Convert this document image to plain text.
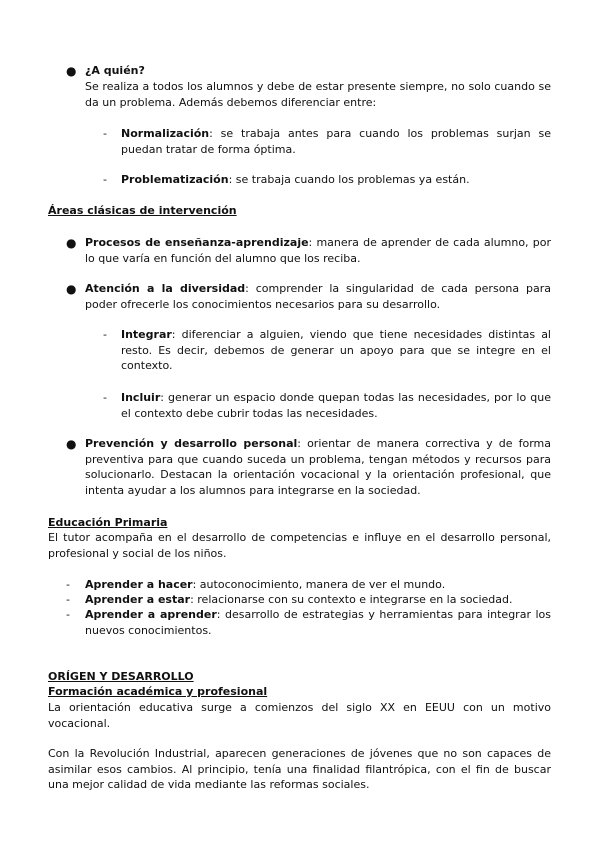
● ¿A quién?
Se realiza a todos los alumnos y debe de estar presente siempre, no solo cuando se da un problema. Además debemos diferenciar entre:
- Normalización: se trabaja antes para cuando los problemas surjan se puedan tratar de forma óptima.
- Problematización: se trabaja cuando los problemas ya están.
Áreas clásicas de intervención
● Procesos de enseñanza-aprendizaje: manera de aprender de cada alumno, por lo que varía en función del alumno que los reciba.
● Atención a la diversidad: comprender la singularidad de cada persona para poder ofrecerle los conocimientos necesarios para su desarrollo.
- Integrar: diferenciar a alguien, viendo que tiene necesidades distintas al resto. Es decir, debemos de generar un apoyo para que se integre en el contexto.
- Incluir: generar un espacio donde quepan todas las necesidades, por lo que el contexto debe cubrir todas las necesidades.
● Prevención y desarrollo personal: orientar de manera correctiva y de forma preventiva para que cuando suceda un problema, tengan métodos y recursos para solucionarlo. Destacan la orientación vocacional y la orientación profesional, que intenta ayudar a los alumnos para integrarse en la sociedad.
Educación Primaria
El tutor acompaña en el desarrollo de competencias e influye en el desarrollo personal, profesional y social de los niños.
- Aprender a hacer: autoconocimiento, manera de ver el mundo.
- Aprender a estar: relacionarse con su contexto e integrarse en la sociedad.
- Aprender a aprender: desarrollo de estrategias y herramientas para integrar los nuevos conocimientos.
ORÍGEN Y DESARROLLO
Formación académica y profesional
La orientación educativa surge a comienzos del siglo XX en EEUU con un motivo vocacional.
Con la Revolución Industrial, aparecen generaciones de jóvenes que no son capaces de asimilar esos cambios. Al principio, tenía una finalidad filantrópica, con el fin de buscar una mejor calidad de vida mediante las reformas sociales.
